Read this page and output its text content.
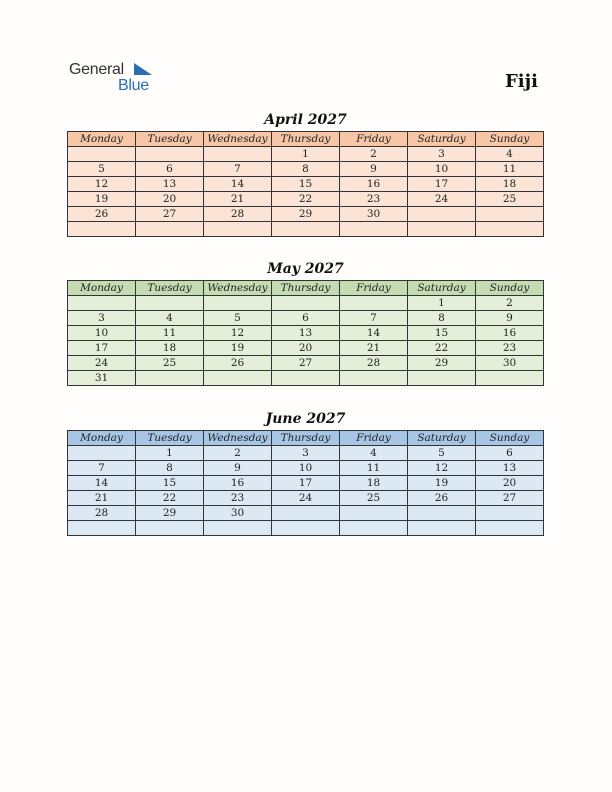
General
Blue	Fiji
April 2027
Monday	Tuesday	Wednesday	Thursday	Friday	Saturday	Sunday
			1	2	3	4
5	6	7	8	9	10	11
12	13	14	15	16	17	18
19	20	21	22	23	24	25
26	27	28	29	30		

May 2027
Monday	Tuesday	Wednesday	Thursday	Friday	Saturday	Sunday
					1	2
3	4	5	6	7	8	9
10	11	12	13	14	15	16
17	18	19	20	21	22	23
24	25	26	27	28	29	30
31						
June 2027
Monday	Tuesday	Wednesday	Thursday	Friday	Saturday	Sunday
	1	2	3	4	5	6
7	8	9	10	11	12	13
14	15	16	17	18	19	20
21	22	23	24	25	26	27
28	29	30				
